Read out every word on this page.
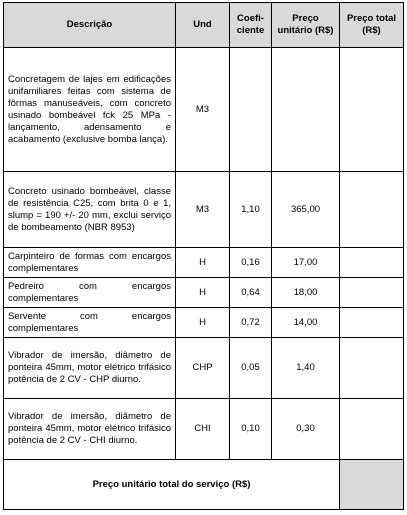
Descrição	Und	Coefi-ciente	Preço unitário (R$)	Preço total (R$)
Concretagem de lajes em edificações unifamiliares feitas com sistema de fôrmas manuseáveis, com concreto usinado bombeável fck 25 MPa - lançamento, adensamento e acabamento (exclusive bomba lança).	M3			
Concreto usinado bombeável, classe de resistência C25, com brita 0 e 1, slump = 190 +/- 20 mm, exclui serviço de bombeamento (NBR 8953)	M3	1,10	365,00	
Carpinteiro de formas com encargos complementares	H	0,16	17,00	
Pedreiro com encargos complementares	H	0,64	18,00	
Servente com encargos complementares	H	0,72	14,00	
Vibrador de imersão, diâmetro de ponteira 45mm, motor elétrico trifásico potência de 2 CV - CHP diurno.	CHP	0,05	1,40	
Vibrador de imersão, diâmetro de ponteira 45mm, motor elétrico trifásico potência de 2 CV - CHI diurno.	CHI	0,10	0,30	
Preço unitário total do serviço (R$)				
